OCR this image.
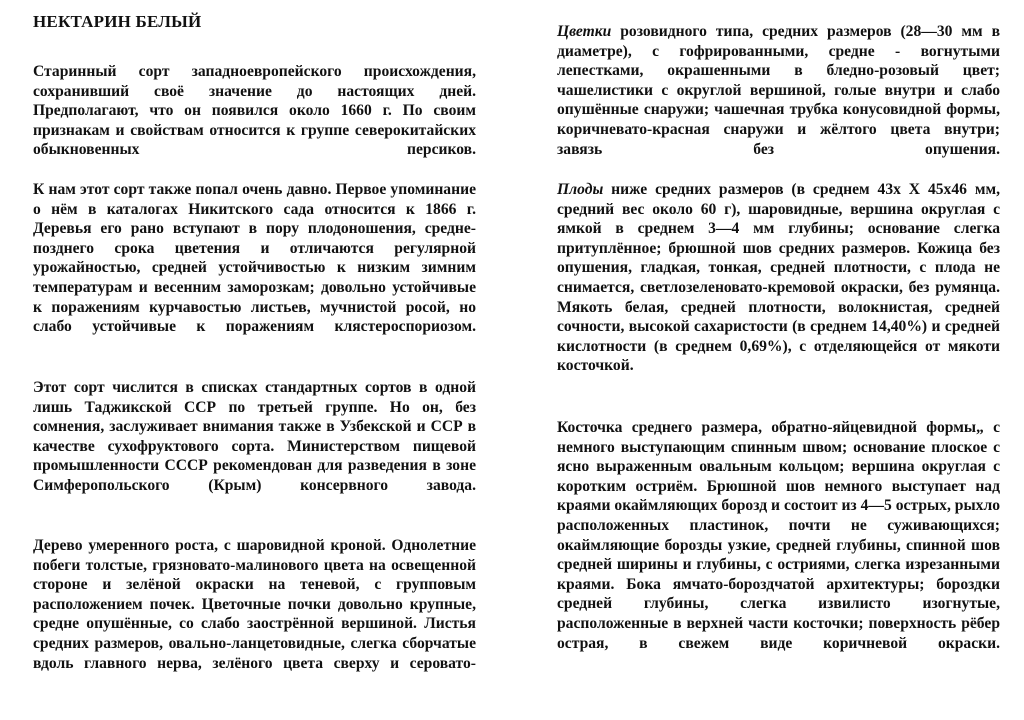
НЕКТАРИН БЕЛЫЙ

Старинный сорт западноевропейского происхождения, сохранивший своё значение до настоящих дней. Предполагают, что он появился около 1660 г. По своим признакам и свойствам относится к группе северокитайских обыкновенных персиков.

К нам этот сорт также попал очень давно. Первое упоминание о нём в каталогах Никитского сада относится к 1866 г. Деревья его рано вступают в пору плодоношения, средне-позднего срока цветения и отличаются регулярной урожайностью, средней устойчивостью к низким зимним температурам и весенним заморозкам; довольно устойчивые к поражениям курчавостью листьев, мучнистой росой, но слабо устойчивые к поражениям клястероспориозом.

Этот сорт числится в списках стандартных сортов в одной лишь Таджикской ССР по третьей группе. Но он, без сомнения, заслуживает внимания также в Узбекской и ССР в качестве сухофруктового сорта. Министерством пищевой промышленности СССР рекомендован для разведения в зоне Симферопольского (Крым) консервного завода.

Дерево умеренного роста, с шаровидной кроной. Однолетние побеги толстые, грязновато-малинового цвета на освещенной стороне и зелёной окраски на теневой, с групповым расположением почек. Цветочные почки довольно крупные, средне опушённые, со слабо заострённой вершиной. Листья средних размеров, овально-ланцетовидные, слегка сборчатые вдоль главного нерва, зелёного цвета сверху и серовато-

Цветки розовидного типа, средних размеров (28—30 мм в диаметре), с гофрированными, средне - вогнутыми лепестками, окрашенными в бледно-розовый цвет; чашелистики с округлой вершиной, голые внутри и слабо опушённые снаружи; чашечная трубка конусовидной формы, коричневато-красная снаружи и жёлтого цвета внутри; завязь без опушения.

Плоды ниже средних размеров (в среднем 43х Х 45х46 мм, средний вес около 60 г), шаровидные, вершина округлая с ямкой в среднем 3—4 мм глубины; основание слегка притуплённое; брюшной шов средних размеров. Кожица без опушения, гладкая, тонкая, средней плотности, с плода не снимается, светлозеленовато-кремовой окраски, без румянца. Мякоть белая, средней плотности, волокнистая, средней сочности, высокой сахаристости (в среднем 14,40%) и средней кислотности (в среднем 0,69%), с отделяющейся от мякоти косточкой.

Косточка среднего размера, обратно-яйцевидной формы„ с немного выступающим спинным швом; основание плоское с ясно выраженным овальным кольцом; вершина округлая с коротким остриём. Брюшной шов немного выступает над краями окаймляющих борозд и состоит из 4—5 острых, рыхло расположенных пластинок, почти не суживающихся; окаймляющие борозды узкие, средней глубины, спинной шов средней ширины и глубины, с остриями, слегка изрезанными краями. Бока ямчато-бороздчатой архитектуры; бороздки средней глубины, слегка извилисто изогнутые, расположенные в верхней части косточки; поверхность рёбер острая, в свежем виде коричневой окраски.
